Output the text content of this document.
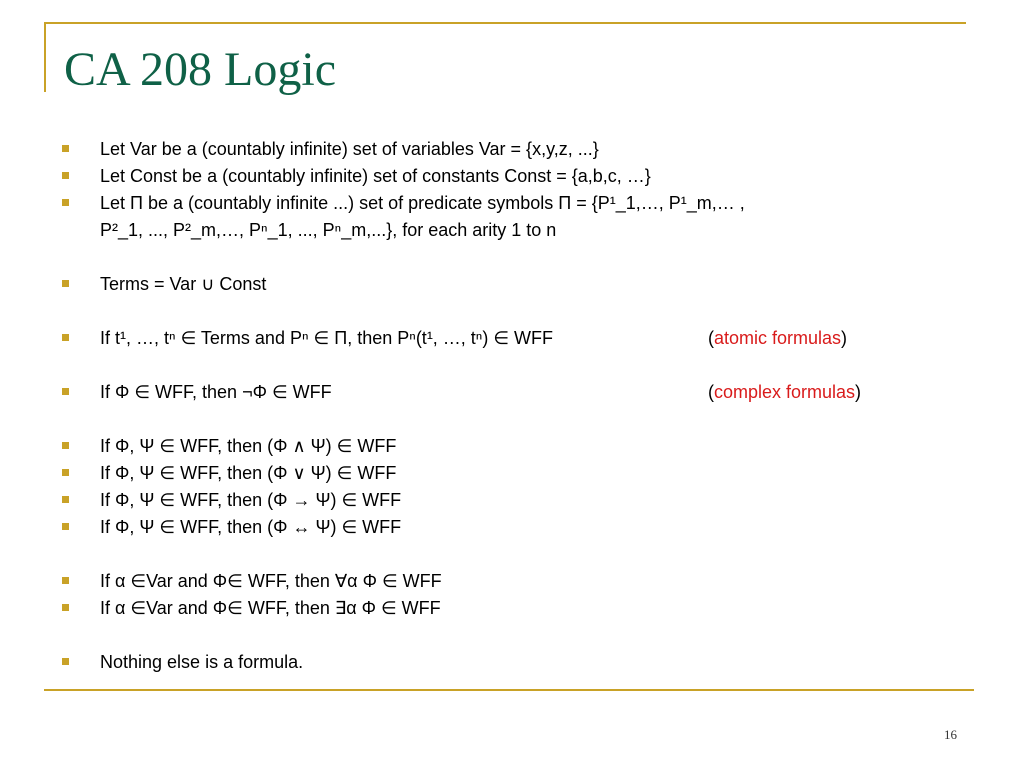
CA 208 Logic
Let Var be a (countably infinite) set of variables Var = {x,y,z, ...}
Let Const be a (countably infinite) set of constants Const = {a,b,c, …}
Let Π be a (countably infinite ...) set of predicate symbols Π = {P¹_1,…, P¹_m,… ,
P²_1, ..., P²_m,…, Pⁿ_1, ..., Pⁿ_m,...}, for each arity 1 to n
Terms = Var ∪ Const
If t¹, …, tⁿ ∈ Terms and Pⁿ ∈ Π, then Pⁿ(t¹, …, tⁿ) ∈ WFF	(atomic formulas)
If Φ ∈ WFF, then ¬Φ ∈ WFF	(complex formulas)
If Φ, Ψ ∈ WFF, then (Φ ∧ Ψ) ∈ WFF
If Φ, Ψ ∈ WFF, then (Φ ∨ Ψ) ∈ WFF
If Φ, Ψ ∈ WFF, then (Φ → Ψ) ∈ WFF
If Φ, Ψ ∈ WFF, then (Φ ↔ Ψ) ∈ WFF
If α ∈Var and Φ∈ WFF, then ∀α Φ ∈ WFF
If α ∈Var and Φ∈ WFF, then ∃α Φ ∈ WFF
Nothing else is a formula.
16
